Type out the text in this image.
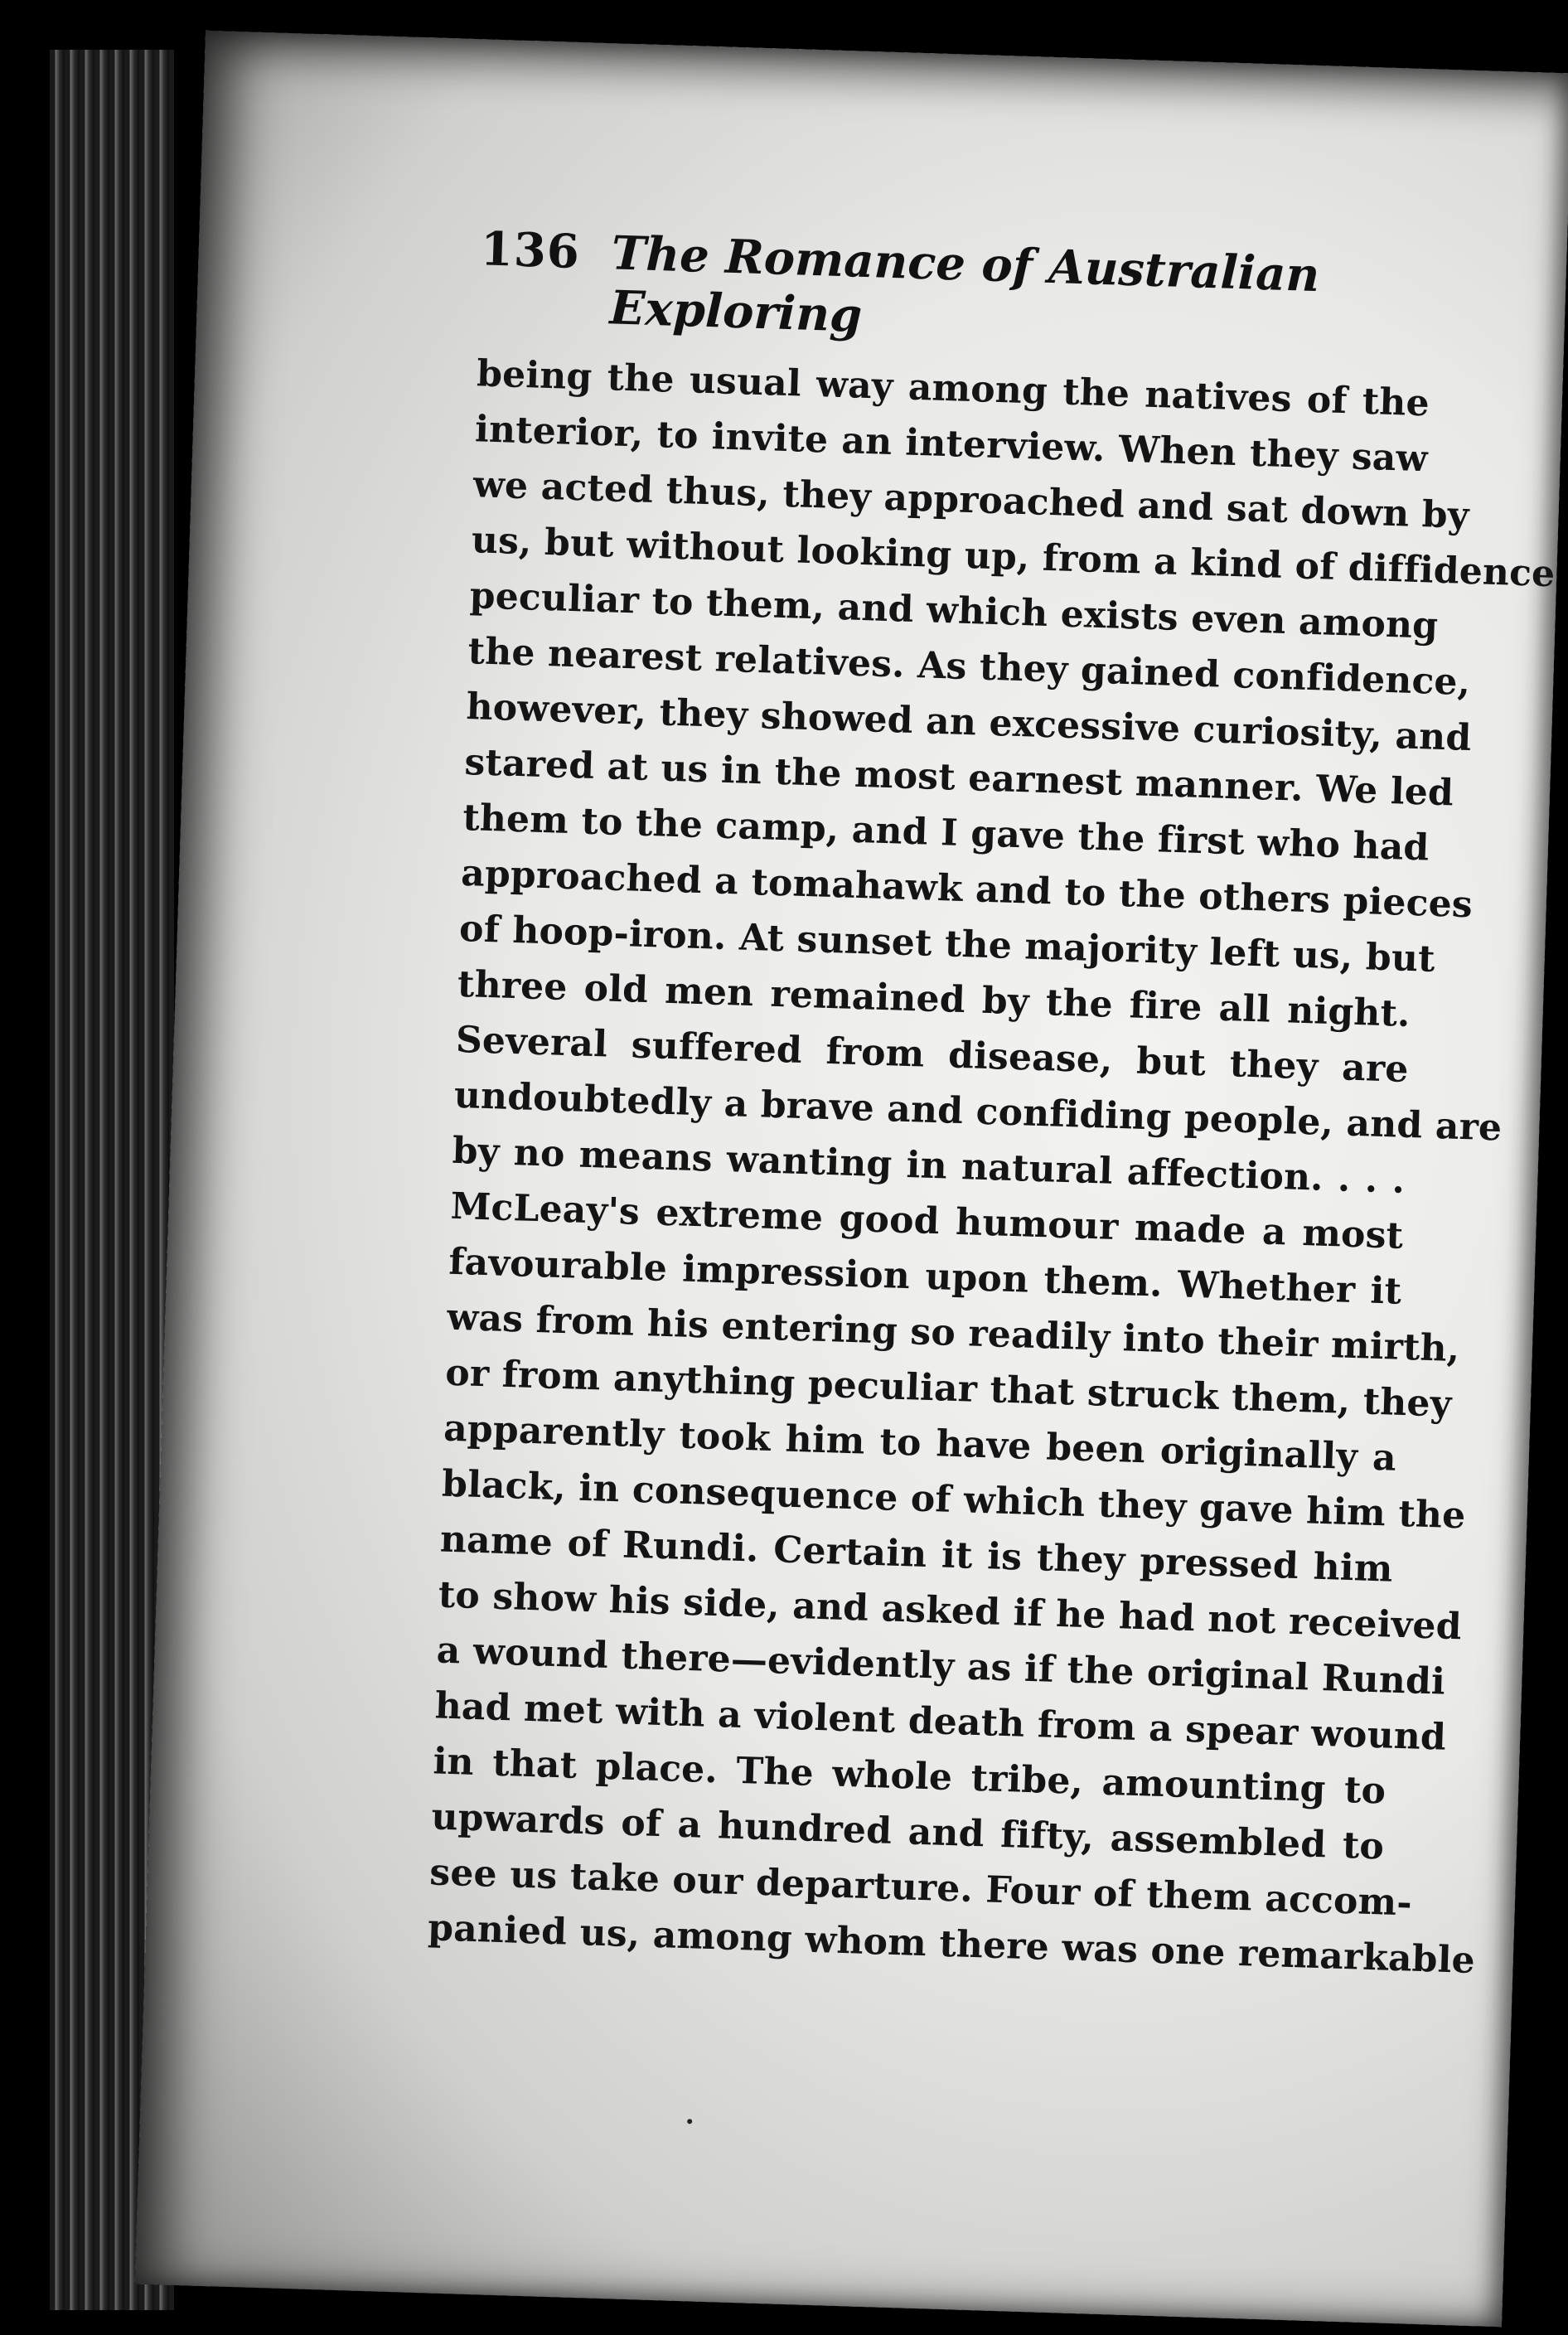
136 The Romance of Australian Exploring
being the usual way among the natives of the
interior, to invite an interview. When they saw
we acted thus, they approached and sat down by
us, but without looking up, from a kind of diffidence
peculiar to them, and which exists even among
the nearest relatives. As they gained confidence,
however, they showed an excessive curiosity, and
stared at us in the most earnest manner. We led
them to the camp, and I gave the first who had
approached a tomahawk and to the others pieces
of hoop-iron. At sunset the majority left us, but
three old men remained by the fire all night.
Several suffered from disease, but they are
undoubtedly a brave and confiding people, and are
by no means wanting in natural affection. . . .
McLeay's extreme good humour made a most
favourable impression upon them. Whether it
was from his entering so readily into their mirth,
or from anything peculiar that struck them, they
apparently took him to have been originally a
black, in consequence of which they gave him the
name of Rundi. Certain it is they pressed him
to show his side, and asked if he had not received
a wound there—evidently as if the original Rundi
had met with a violent death from a spear wound
in that place. The whole tribe, amounting to
upwards of a hundred and fifty, assembled to
see us take our departure. Four of them accom-
panied us, among whom there was one remarkable
